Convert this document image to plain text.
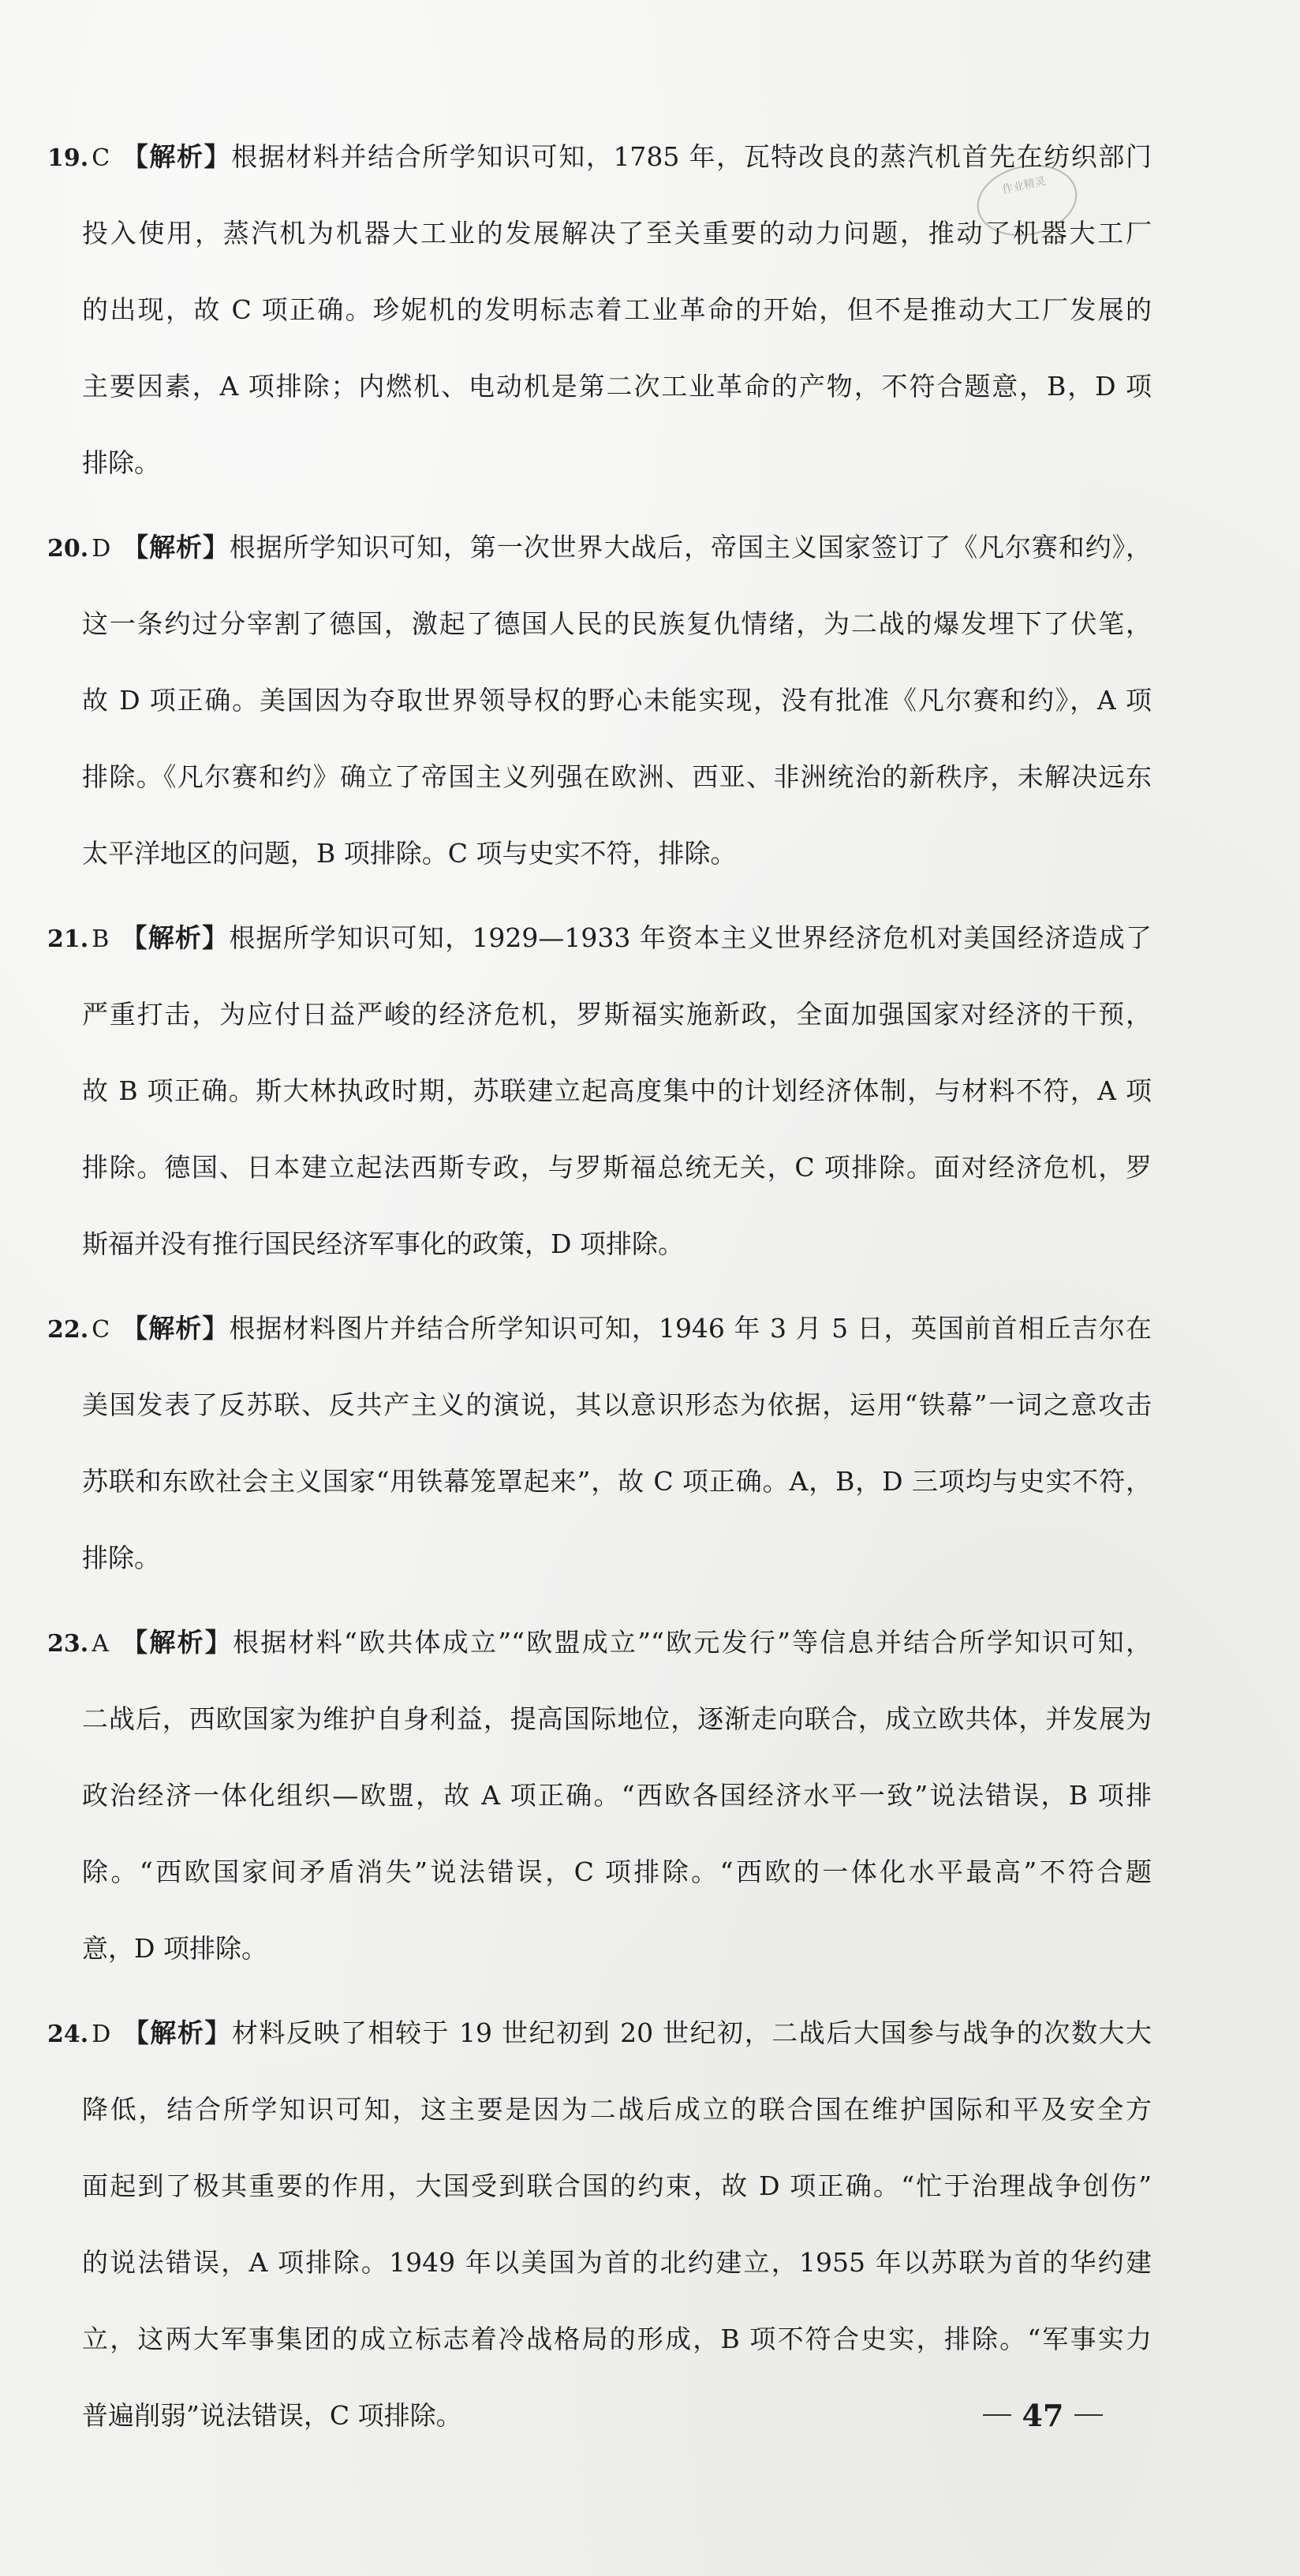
作业精灵
19. C 【解析】根据材料并结合所学知识可知，1785 年，瓦特改良的蒸汽机首先在纺织部门
投入使用，蒸汽机为机器大工业的发展解决了至关重要的动力问题，推动了机器大工厂
的出现，故 C 项正确。珍妮机的发明标志着工业革命的开始，但不是推动大工厂发展的
主要因素，A 项排除；内燃机、电动机是第二次工业革命的产物，不符合题意，B，D 项
排除。
20. D 【解析】根据所学知识可知，第一次世界大战后，帝国主义国家签订了《凡尔赛和约》，
这一条约过分宰割了德国，激起了德国人民的民族复仇情绪，为二战的爆发埋下了伏笔，
故 D 项正确。美国因为夺取世界领导权的野心未能实现，没有批准《凡尔赛和约》，A 项
排除。《凡尔赛和约》确立了帝国主义列强在欧洲、西亚、非洲统治的新秩序，未解决远东
太平洋地区的问题，B 项排除。C 项与史实不符，排除。
21. B 【解析】根据所学知识可知，1929—1933 年资本主义世界经济危机对美国经济造成了
严重打击，为应付日益严峻的经济危机，罗斯福实施新政，全面加强国家对经济的干预，
故 B 项正确。斯大林执政时期，苏联建立起高度集中的计划经济体制，与材料不符，A 项
排除。德国、日本建立起法西斯专政，与罗斯福总统无关，C 项排除。面对经济危机，罗
斯福并没有推行国民经济军事化的政策，D 项排除。
22. C 【解析】根据材料图片并结合所学知识可知，1946 年 3 月 5 日，英国前首相丘吉尔在
美国发表了反苏联、反共产主义的演说，其以意识形态为依据，运用“铁幕”一词之意攻击
苏联和东欧社会主义国家“用铁幕笼罩起来”，故 C 项正确。A，B，D 三项均与史实不符，
排除。
23. A 【解析】根据材料“欧共体成立”“欧盟成立”“欧元发行”等信息并结合所学知识可知，
二战后，西欧国家为维护自身利益，提高国际地位，逐渐走向联合，成立欧共体，并发展为
政治经济一体化组织—欧盟，故 A 项正确。“西欧各国经济水平一致”说法错误，B 项排
除。“西欧国家间矛盾消失”说法错误，C 项排除。“西欧的一体化水平最高”不符合题
意，D 项排除。
24. D 【解析】材料反映了相较于 19 世纪初到 20 世纪初，二战后大国参与战争的次数大大
降低，结合所学知识可知，这主要是因为二战后成立的联合国在维护国际和平及安全方
面起到了极其重要的作用，大国受到联合国的约束，故 D 项正确。“忙于治理战争创伤”
的说法错误，A 项排除。1949 年以美国为首的北约建立，1955 年以苏联为首的华约建
立，这两大军事集团的成立标志着冷战格局的形成，B 项不符合史实，排除。“军事实力
普遍削弱”说法错误，C 项排除。	47
